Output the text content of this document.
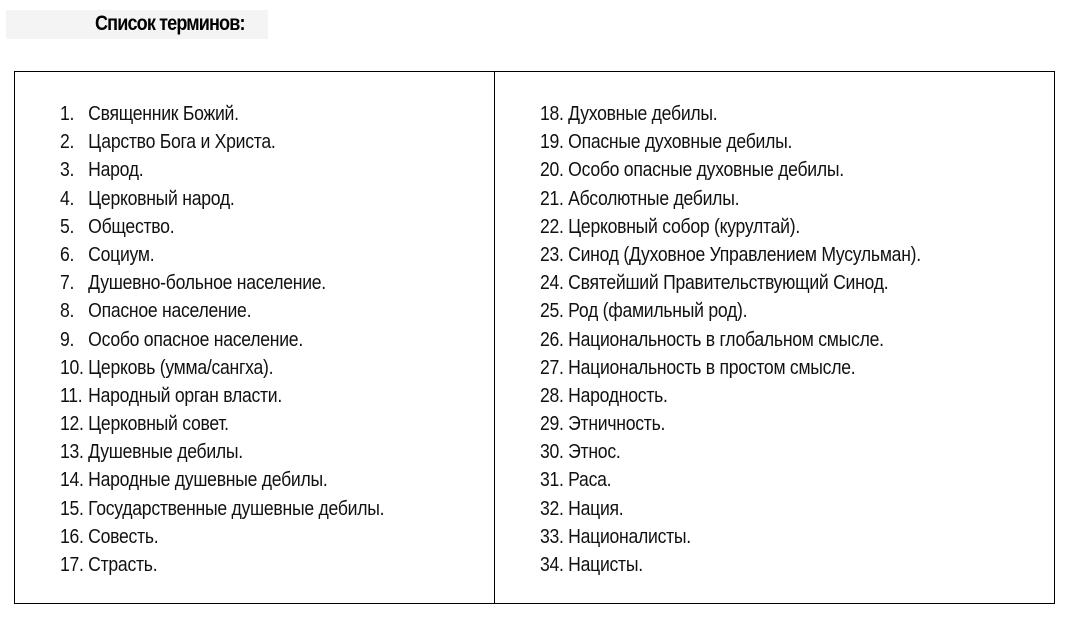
Список терминов:
1. Священник Божий.
2. Царство Бога и Христа.
3. Народ.
4. Церковный народ.
5. Общество.
6. Социум.
7. Душевно-больное население.
8. Опасное население.
9. Особо опасное население.
10. Церковь (умма/сангха).
11. Народный орган власти.
12. Церковный совет.
13. Душевные дебилы.
14. Народные душевные дебилы.
15. Государственные душевные дебилы.
16. Совесть.
17. Страсть.
18. Духовные дебилы.
19. Опасные духовные дебилы.
20. Особо опасные духовные дебилы.
21. Абсолютные дебилы.
22. Церковный собор (курултай).
23. Синод (Духовное Управлением Мусульман).
24. Святейший Правительствующий Синод.
25. Род (фамильный род).
26. Национальность в глобальном смысле.
27. Национальность в простом смысле.
28. Народность.
29. Этничность.
30. Этнос.
31. Раса.
32. Нация.
33. Националисты.
34. Нацисты.
